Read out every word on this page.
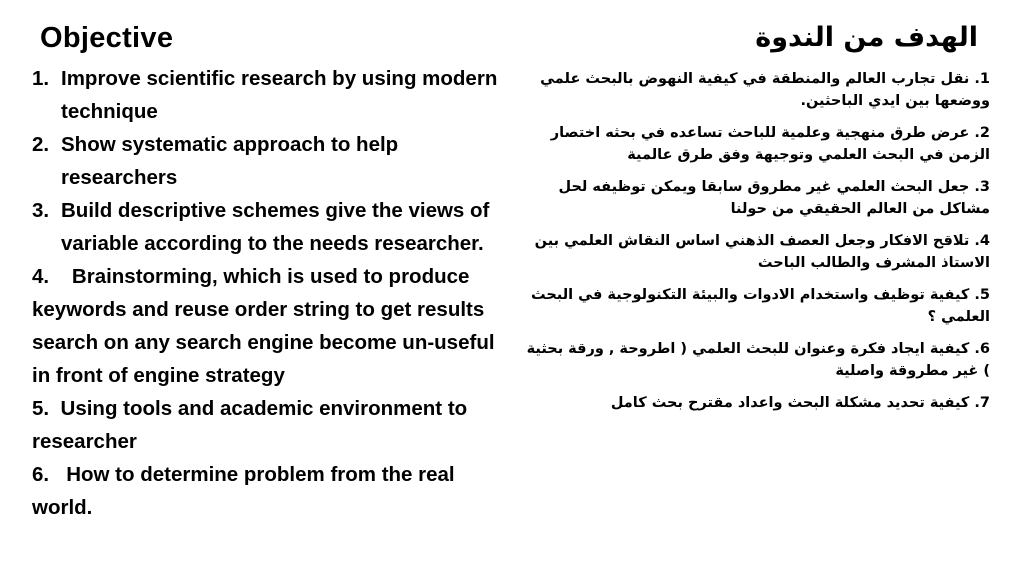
Objective
1. Improve scientific research by using modern technique
2. Show systematic approach to help researchers
3. Build descriptive schemes give the views of variable according to the needs researcher.
4. Brainstorming, which is used to produce keywords and reuse order string to get results search on any search engine become un-useful in front of engine strategy
5. Using tools and academic environment to researcher
6. How to determine problem from the real world.
الهدف من الندوة
1. نقل تجارب العالم والمنطقة في كيفية النهوض بالبحث علمي ووضعها بين ايدي الباحثين.
2. عرض طرق منهجية وعلمية للباحث تساعده في بحثه اختصار الزمن في البحث العلمي وتوجيهة وفق طرق عالمية
3. جعل البحث العلمي غير مطروق سابقا ويمكن توظيفه لحل مشاكل من العالم الحقيقي من حولنا
4. تلاقح الافكار وجعل العصف الذهني اساس النقاش العلمي بين الاستاذ المشرف والطالب الباحث
5. كيفية توظيف واستخدام الادوات والبيئة التكنولوجية في البحث العلمي ؟
6. كيفية ايجاد فكرة وعنوان للبحث العلمي ( اطروحة , ورقة بحثية ) غير مطروقة واصلية
7. كيفية تحديد مشكلة البحث واعداد مقترح بحث كامل
